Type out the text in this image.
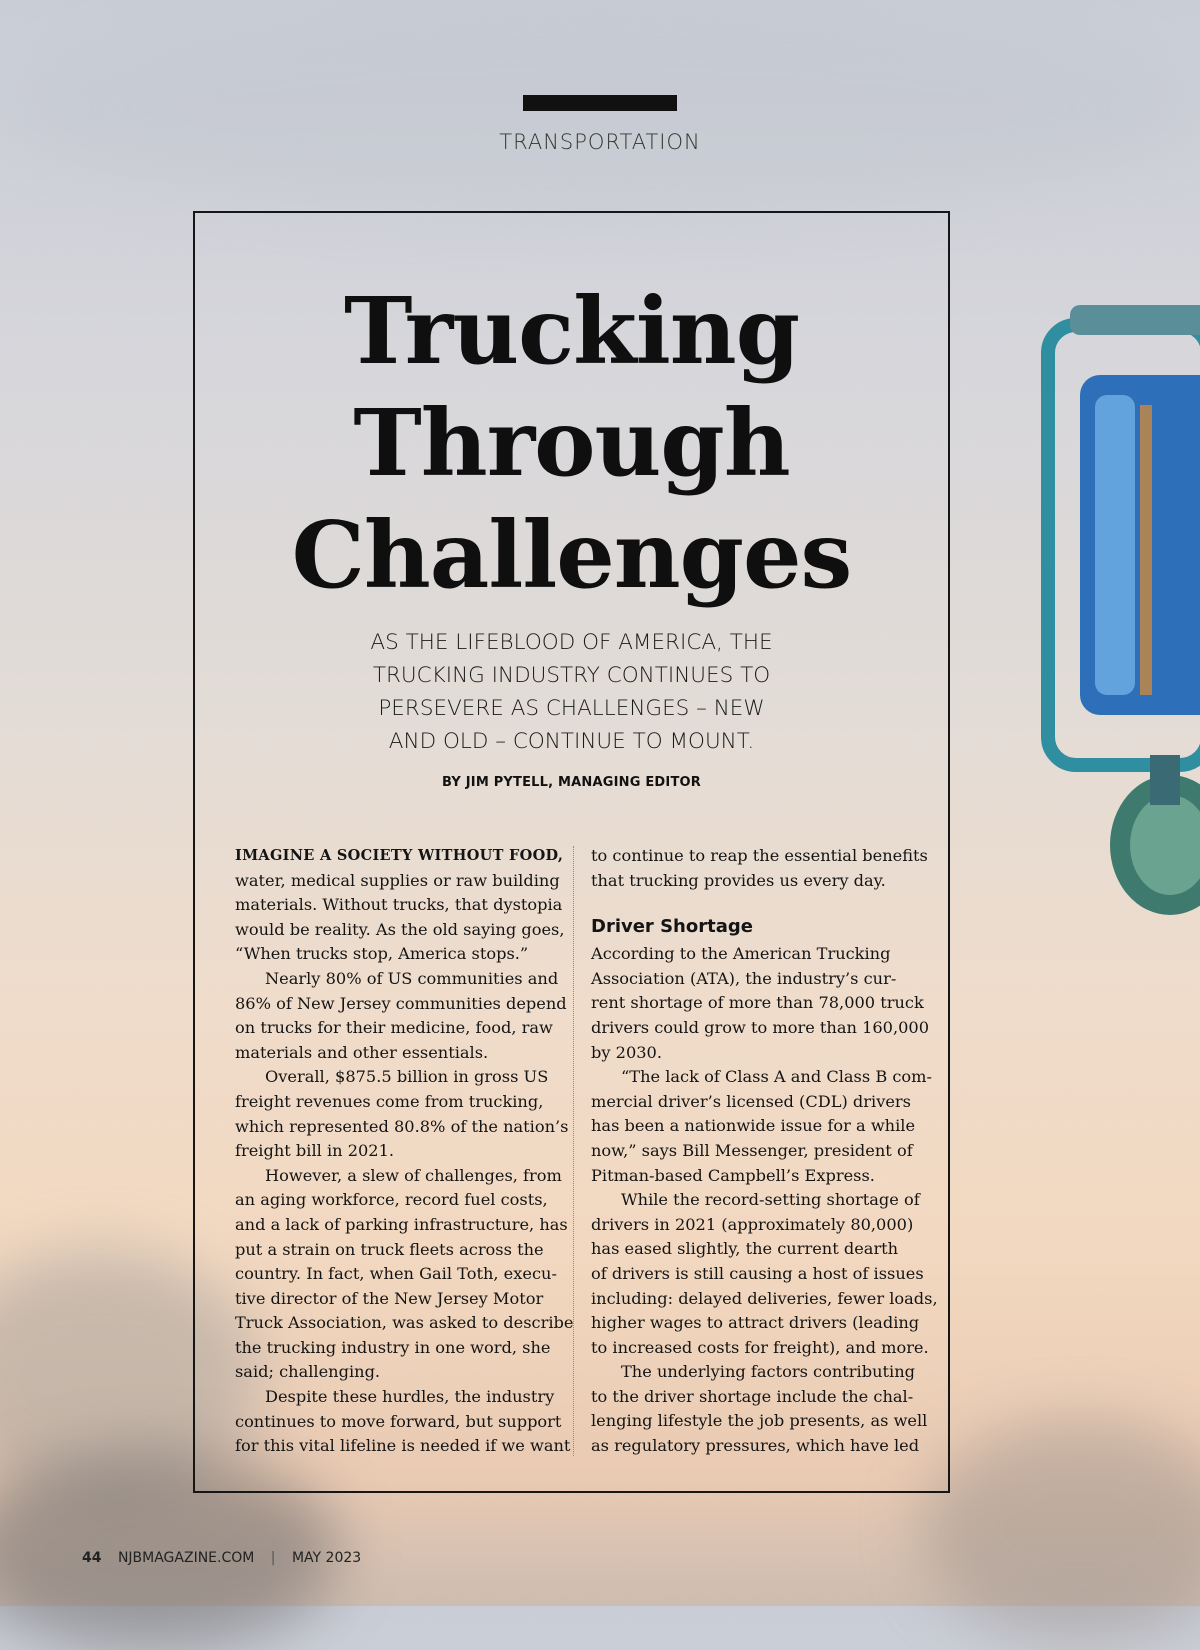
TRANSPORTATION
Trucking
Through
Challenges
AS THE LIFEBLOOD OF AMERICA, THE
TRUCKING INDUSTRY CONTINUES TO
PERSEVERE AS CHALLENGES – NEW
AND OLD – CONTINUE TO MOUNT.
BY JIM PYTELL, MANAGING EDITOR
IMAGINE A SOCIETY WITHOUT FOOD,
water, medical supplies or raw building
materials. Without trucks, that dystopia
would be reality. As the old saying goes,
“When trucks stop, America stops.”
Nearly 80% of US communities and
86% of New Jersey communities depend
on trucks for their medicine, food, raw
materials and other essentials.
Overall, $875.5 billion in gross US
freight revenues come from trucking,
which represented 80.8% of the nation’s
freight bill in 2021.
However, a slew of challenges, from
an aging workforce, record fuel costs,
and a lack of parking infrastructure, has
put a strain on truck fleets across the
country. In fact, when Gail Toth, execu-
tive director of the New Jersey Motor
Truck Association, was asked to describe
the trucking industry in one word, she
said; challenging.
Despite these hurdles, the industry
continues to move forward, but support
for this vital lifeline is needed if we want
to continue to reap the essential benefits
that trucking provides us every day.
Driver Shortage
According to the American Trucking
Association (ATA), the industry’s cur-
rent shortage of more than 78,000 truck
drivers could grow to more than 160,000
by 2030.
“The lack of Class A and Class B com-
mercial driver’s licensed (CDL) drivers
has been a nationwide issue for a while
now,” says Bill Messenger, president of
Pitman-based Campbell’s Express.
While the record-setting shortage of
drivers in 2021 (approximately 80,000)
has eased slightly, the current dearth
of drivers is still causing a host of issues
including: delayed deliveries, fewer loads,
higher wages to attract drivers (leading
to increased costs for freight), and more.
The underlying factors contributing
to the driver shortage include the chal-
lenging lifestyle the job presents, as well
as regulatory pressures, which have led
44 NJBMAGAZINE.COM | MAY 2023
